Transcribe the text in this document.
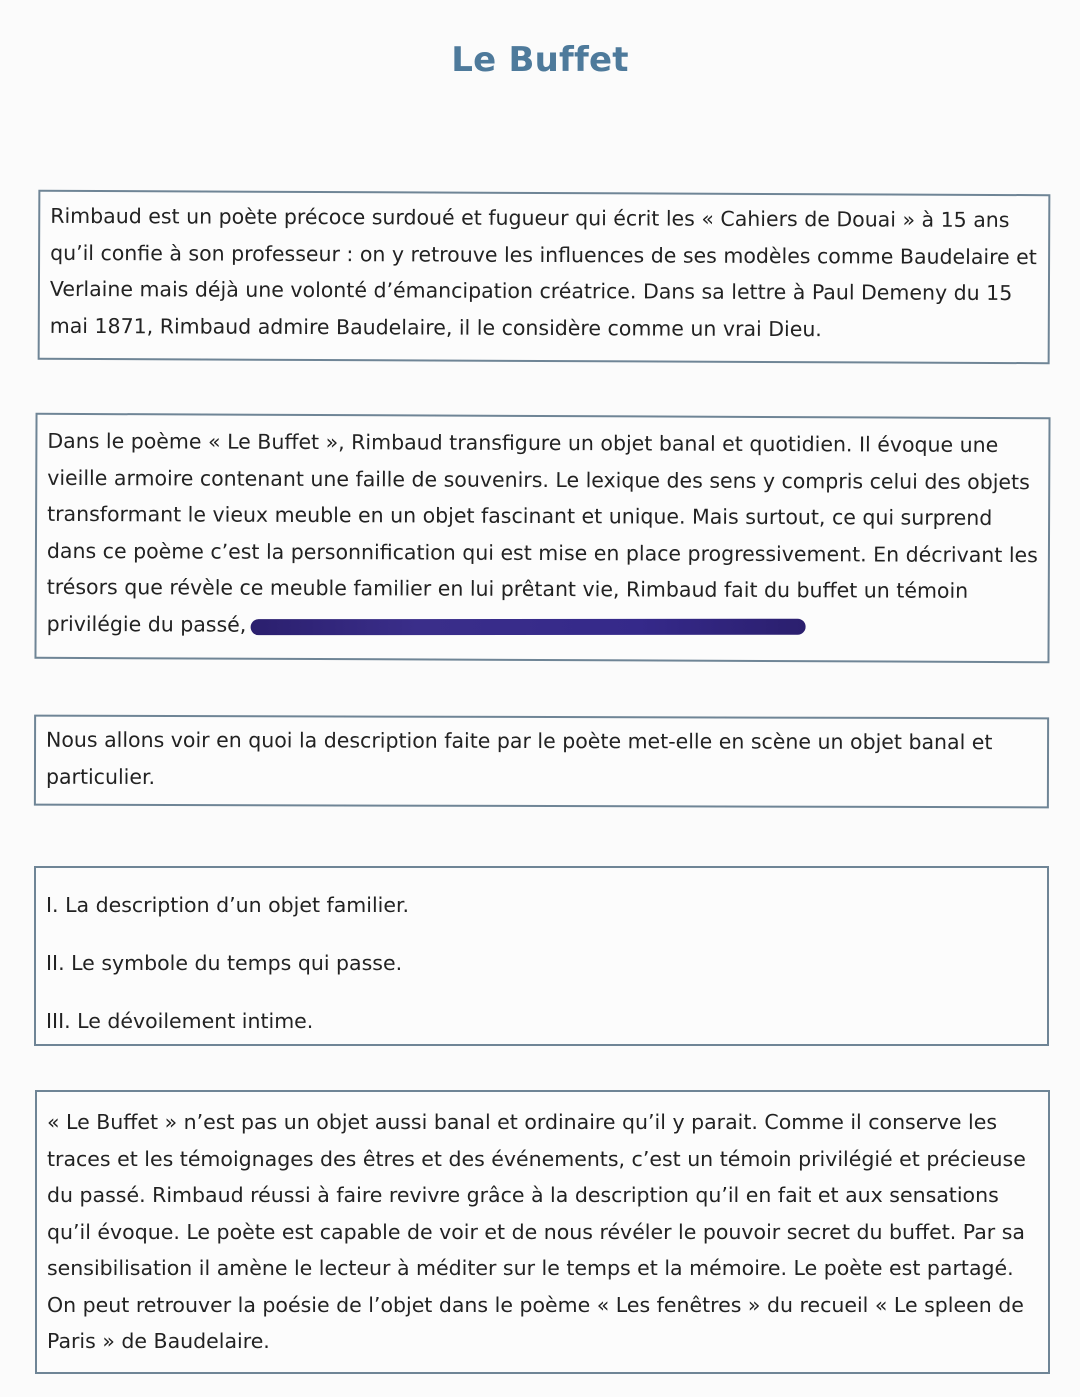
Le Buffet

Rimbaud est un poète précoce surdoué et fugueur qui écrit les « Cahiers de Douai » à 15 ans

qu’il confie à son professeur : on y retrouve les influences de ses modèles comme Baudelaire et

Verlaine mais déjà une volonté d’émancipation créatrice. Dans sa lettre à Paul Demeny du 15

mai 1871, Rimbaud admire Baudelaire, il le considère comme un vrai Dieu.

Dans le poème « Le Buffet », Rimbaud transfigure un objet banal et quotidien. Il évoque une

vieille armoire contenant une faille de souvenirs. Le lexique des sens y compris celui des objets

transformant le vieux meuble en un objet fascinant et unique. Mais surtout, ce qui surprend

dans ce poème c’est la personnification qui est mise en place progressivement. En décrivant les

trésors que révèle ce meuble familier en lui prêtant vie, Rimbaud fait du buffet un témoin

privilégie du passé,

Nous allons voir en quoi la description faite par le poète met-elle en scène un objet banal et

particulier.

I. La description d’un objet familier.

II. Le symbole du temps qui passe.

III. Le dévoilement intime.

« Le Buffet » n’est pas un objet aussi banal et ordinaire qu’il y parait. Comme il conserve les

traces et les témoignages des êtres et des événements, c’est un témoin privilégié et précieuse

du passé. Rimbaud réussi à faire revivre grâce à la description qu’il en fait et aux sensations

qu’il évoque. Le poète est capable de voir et de nous révéler le pouvoir secret du buffet. Par sa

sensibilisation il amène le lecteur à méditer sur le temps et la mémoire. Le poète est partagé.

On peut retrouver la poésie de l’objet dans le poème « Les fenêtres » du recueil « Le spleen de

Paris » de Baudelaire.
